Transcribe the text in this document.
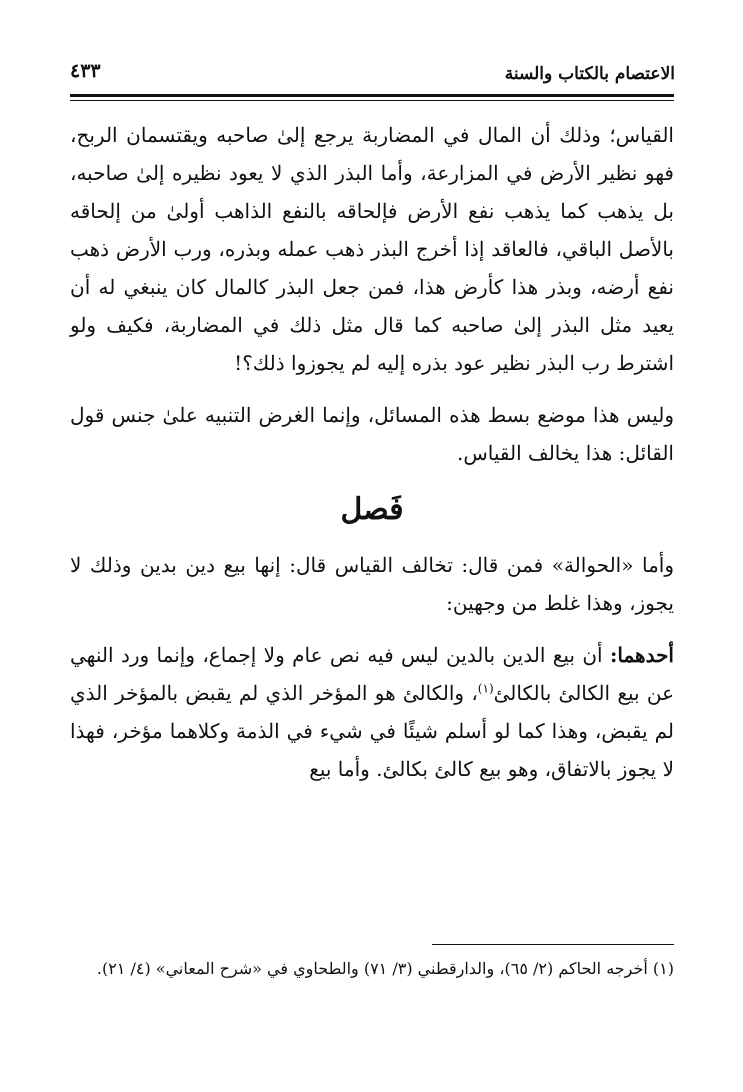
الاعتصام بالكتاب والسنة
٤٣٣

القياس؛ وذلك أن المال في المضاربة يرجع إلىٰ صاحبه ويقتسمان الربح، فهو نظير الأرض في المزارعة، وأما البذر الذي لا يعود نظيره إلىٰ صاحبه، بل يذهب كما يذهب نفع الأرض فإلحاقه بالنفع الذاهب أولىٰ من إلحاقه بالأصل الباقي، فالعاقد إذا أخرج البذر ذهب عمله وبذره، ورب الأرض ذهب نفع أرضه، وبذر هذا كأرض هذا، فمن جعل البذر كالمال كان ينبغي له أن يعيد مثل البذر إلىٰ صاحبه كما قال مثل ذلك في المضاربة، فكيف ولو اشترط رب البذر نظير عود بذره إليه لم يجوزوا ذلك؟!

وليس هذا موضع بسط هذه المسائل، وإنما الغرض التنبيه علىٰ جنس قول القائل: هذا يخالف القياس.

فَصل

وأما «الحوالة» فمن قال: تخالف القياس قال: إنها بيع دين بدين وذلك لا يجوز، وهذا غلط من وجهين:

أحدهما: أن بيع الدين بالدين ليس فيه نص عام ولا إجماع، وإنما ورد النهي عن بيع الكالئ بالكالئ$^{(١)}$، والكالئ هو المؤخر الذي لم يقبض بالمؤخر الذي لم يقبض، وهذا كما لو أسلم شيئًا في شيء في الذمة وكلاهما مؤخر، فهذا لا يجوز بالاتفاق، وهو بيع كالئ بكالئ. وأما بيع

(١) أخرجه الحاكم (٢/ ٦٥)، والدارقطني (٣/ ٧١) والطحاوي في «شرح المعاني» (٤/ ٢١).
